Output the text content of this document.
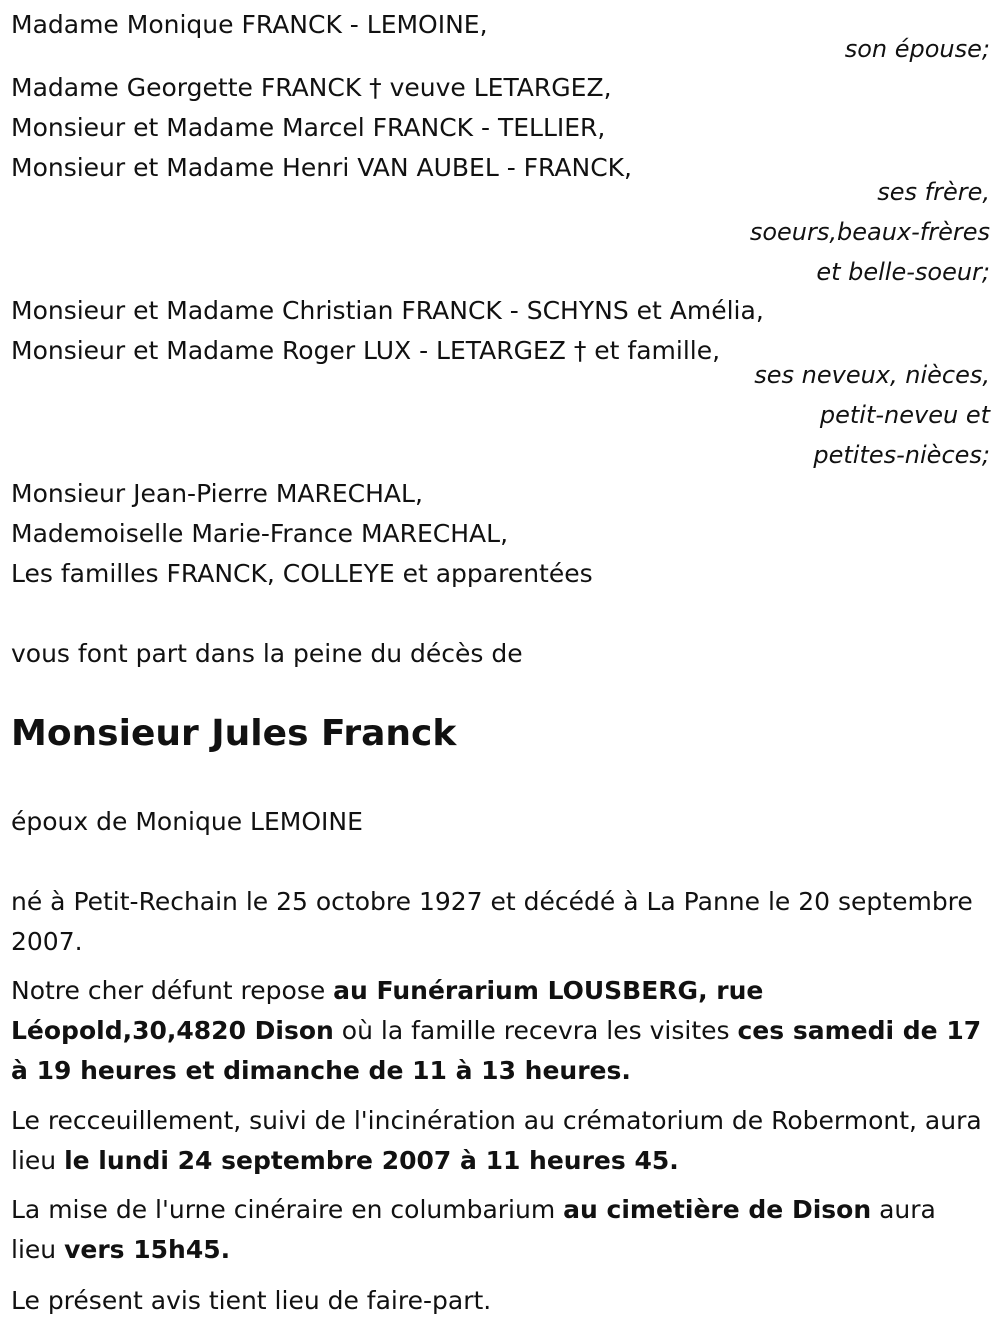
Madame Monique FRANCK - LEMOINE,
son épouse;
Madame Georgette FRANCK † veuve LETARGEZ,
Monsieur et Madame Marcel FRANCK - TELLIER,
Monsieur et Madame Henri VAN AUBEL - FRANCK,
ses frère,
soeurs,beaux-frères
et belle-soeur;
Monsieur et Madame Christian FRANCK - SCHYNS et Amélia,
Monsieur et Madame Roger LUX - LETARGEZ † et famille,
ses neveux, nièces,
petit-neveu et
petites-nièces;
Monsieur Jean-Pierre MARECHAL,
Mademoiselle Marie-France MARECHAL,
Les familles FRANCK, COLLEYE et apparentées
vous font part dans la peine du décès de
Monsieur Jules Franck
époux de Monique LEMOINE
né à Petit-Rechain le 25 octobre 1927 et décédé à La Panne le 20 septembre 2007.
Notre cher défunt repose au Funérarium LOUSBERG, rue Léopold,30,4820 Dison où la famille recevra les visites ces samedi de 17 à 19 heures et dimanche de 11 à 13 heures.
Le recceuillement, suivi de l'incinération au crématorium de Robermont, aura lieu le lundi 24 septembre 2007 à 11 heures 45.
La mise de l'urne cinéraire en columbarium au cimetière de Dison aura lieu vers 15h45.
Le présent avis tient lieu de faire-part.
